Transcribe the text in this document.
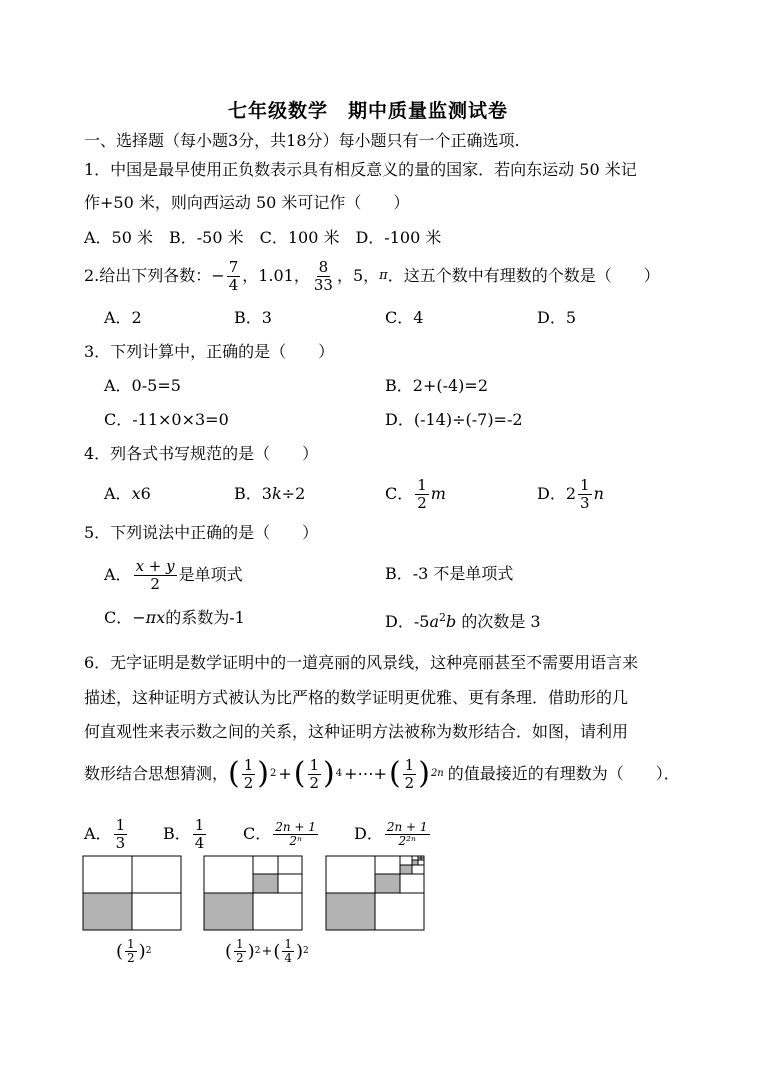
七年级数学　期中质量监测试卷
一、选择题（每小题3分，共18分）每小题只有一个正确选项.
1．中国是最早使用正负数表示具有相反意义的量的国家．若向东运动 50 米记
作+50 米，则向西运动 50 米可记作（　　）
A．50 米　B．-50 米　C．100 米　D．-100 米
2.给出下列各数： − $\frac{7}{4}$ ，1.01， $\frac{8}{33}$ ，5， π ．这五个数中有理数的个数是（　　）
A．2	B．3	C．4	D．5
3．下列计算中，正确的是（　　）
A．0-5=5	B．2+(-4)=2
C．-11×0×3=0	D．(-14)÷(-7)=-2
4．列各式书写规范的是（　　）
A． x 6	B． 3 k ÷2	C． $\frac{1}{2}$ m	D． $2 \frac{1}{3}$ n
5．下列说法中正确的是（　　）
A． $\frac{x + y}{2}$ 是单项式	B．-3 不是单项式
C．−πx的系数为-1	D．$-5a^2b$ 的次数是 3
6．无字证明是数学证明中的一道亮丽的风景线，这种亮丽甚至不需要用语言来
描述，这种证明方式被认为比严格的数学证明更优雅、更有条理．借助形的几
何直观性来表示数之间的关系，这种证明方法被称为数形结合．如图，请利用
数形结合思想猜测， ( $\frac{1}{2}$ ) 2 + ( $\frac{1}{2}$ ) 4 +⋯+ ( $\frac{1}{2}$ ) 2n 的值最接近的有理数为（　　）．
A． $\frac{1}{3}$ B． $\frac{1}{4}$ C． $\frac{2n + 1}{\text{2ⁿ}}$ D． $\frac{2n + 1}{\text{2²ⁿ}}$
( $\frac{1}{2}$ ) 2	( $\frac{1}{2}$ ) 2 + ( $\frac{1}{4}$ ) 2
